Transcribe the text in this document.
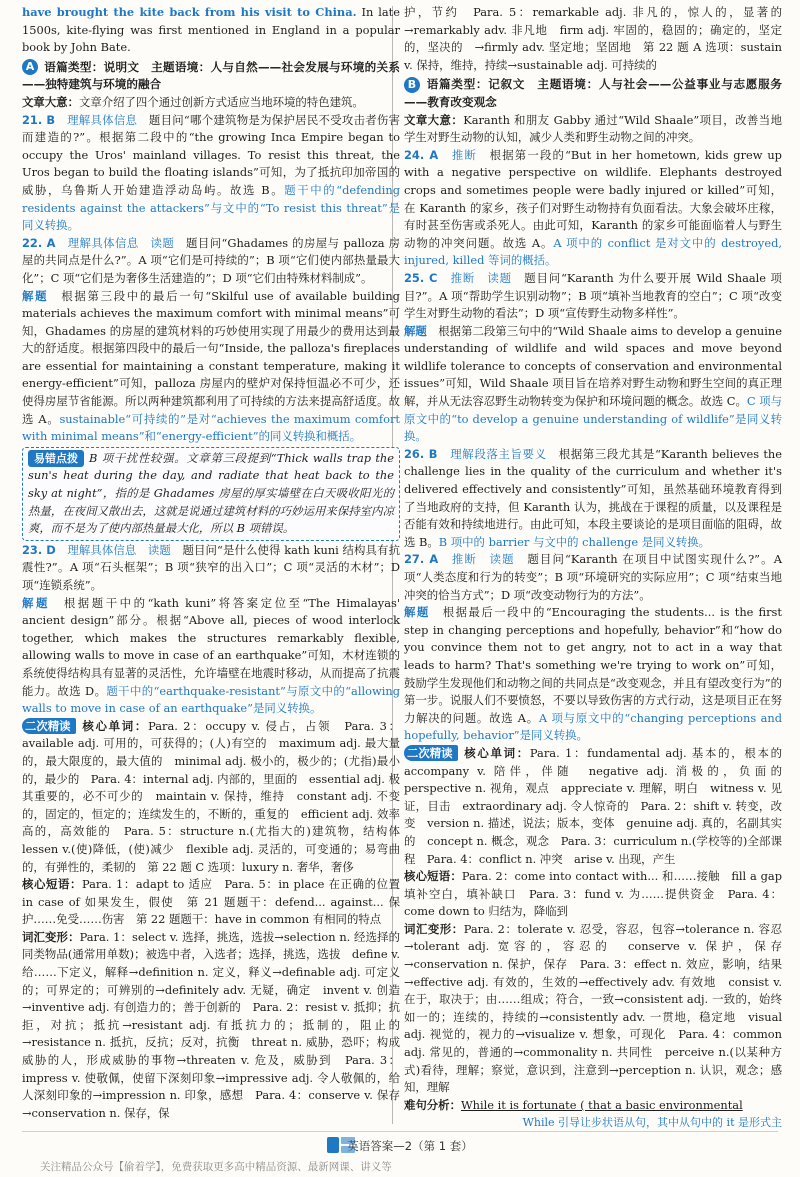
have brought the kite back from his visit to China. In late 1500s, kite-flying was first mentioned in England in a popular book by John Bate.

A 语篇类型：说明文　主题语境：人与自然——社会发展与环境的关系——独特建筑与环境的融合

文章大意：文章介绍了四个通过创新方式适应当地环境的特色建筑。

21. B　 理解具体信息　 题目问“哪个建筑物是为保护居民不受攻击者伤害而建造的?”。根据第二段中的“the growing Inca Empire began to occupy the Uros' mainland villages. To resist this threat, the Uros began to build the floating islands”可知，为了抵抗印加帝国的威胁，乌鲁斯人开始建造浮动岛屿。故选 B。题干中的“defending residents against the attackers”与文中的“To resist this threat”是同义转换。

22. A　 理解具体信息　读题　 题目问“Ghadames 的房屋与 palloza 房屋的共同点是什么?”。A 项“它们是可持续的”；B 项“它们使内部热量最大化”；C 项“它们是为奢侈生活建造的”；D 项“它们由特殊材料制成”。

解题　 根据第三段中的最后一句“Skilful use of available building materials achieves the maximum comfort with minimal means”可知，Ghadames 的房屋的建筑材料的巧妙使用实现了用最少的费用达到最大的舒适度。根据第四段中的最后一句“Inside, the palloza's fireplaces are essential for maintaining a constant temperature, making it energy-efficient”可知，palloza 房屋内的壁炉对保持恒温必不可少，还使得房屋节省能源。所以两种建筑都利用了可持续的方法来提高舒适度。故选 A。sustainable“可持续的”是对“achieves the maximum comfort with minimal means”和“energy-efficient”的同义转换和概括。

易错点拨 B 项干扰性较强。文章第三段提到“Thick walls trap the sun's heat during the day, and radiate that heat back to the sky at night”，指的是 Ghadames 房屋的厚实墙壁在白天吸收阳光的热量，在夜间又散出去，这就是说通过建筑材料的巧妙运用来保持室内凉爽，而不是为了使内部热量最大化，所以 B 项错误。

23. D　 理解具体信息　读题　 题目问“是什么使得 kath kuni 结构具有抗震性?”。A 项“石头框架”；B 项“狭窄的出入口”；C 项“灵活的木材”；D 项“连锁系统”。

解题　 根据题干中的“kath kuni”将答案定位至“The Himalayas' ancient design”部分。根据“Above all, pieces of wood interlock together, which makes the structures remarkably flexible, allowing walls to move in case of an earthquake”可知，木材连锁的系统使得结构具有显著的灵活性，允许墙壁在地震时移动，从而提高了抗震能力。故选 D。题干中的“earthquake-resistant”与原文中的“allowing walls to move in case of an earthquake”是同义转换。

二次精读 核心单词：Para. 2：occupy v. 侵占，占领　Para. 3：available adj. 可用的，可获得的；(人)有空的　maximum adj. 最大量的，最大限度的，最大值的　minimal adj. 极小的，极少的；(尤指)最小的，最少的　Para. 4：internal adj. 内部的，里面的　essential adj. 极其重要的，必不可少的　maintain v. 保持，维持　constant adj. 不变的，固定的，恒定的；连续发生的，不断的，重复的　efficient adj. 效率高的，高效能的　Para. 5：structure n.(尤指大的)建筑物，结构体　lessen v.(使)降低，(使)减少　flexible adj. 灵活的，可变通的；易弯曲的，有弹性的，柔韧的　第 22 题 C 选项：luxury n. 奢华，奢侈

核心短语：Para. 1：adapt to 适应　Para. 5：in place 在正确的位置　in case of 如果发生，假使　第 21 题题干：defend... against... 保护……免受……伤害　第 22 题题干：have in common 有相同的特点

词汇变形：Para. 1：select v. 选择，挑选，选拔→selection n. 经选择的同类物品(通常用单数)；被选中者，入选者；选择，挑选，选拔　define v. 给……下定义，解释→definition n. 定义，释义→definable adj. 可定义的；可界定的；可辨别的→definitely adv. 无疑，确定　invent v. 创造→inventive adj. 有创造力的；善于创新的　Para. 2：resist v. 抵抑；抗拒，对抗；抵抗→resistant adj. 有抵抗力的；抵制的，阻止的→resistance n. 抵抗，反抗；反对，抗衡　threat n. 威胁，恐吓；构成威胁的人，形成威胁的事物→threaten v. 危及，威胁到　Para. 3：impress v. 使敬佩，使留下深刻印象→impressive adj. 令人敬佩的，给人深刻印象的→impression n. 印象，感想　Para. 4：conserve v. 保存→conservation n. 保存，保

护，节约　Para. 5：remarkable adj. 非凡的，惊人的，显著的→remarkably adv. 非凡地　firm adj. 牢固的，稳固的；确定的，坚定的，坚决的　→firmly adv. 坚定地；坚固地　第 22 题 A 选项：sustain v. 保持，维持，持续→sustainable adj. 可持续的

B 语篇类型：记叙文　主题语境：人与社会——公益事业与志愿服务——教育改变观念

文章大意：Karanth 和朋友 Gabby 通过“Wild Shaale”项目，改善当地学生对野生动物的认知，减少人类和野生动物之间的冲突。

24. A　 推断　 根据第一段的“But in her hometown, kids grew up with a negative perspective on wildlife. Elephants destroyed crops and sometimes people were badly injured or killed”可知，在 Karanth 的家乡，孩子们对野生动物持有负面看法。大象会破坏庄稼，有时甚至伤害或杀死人。由此可知，Karanth 的家乡可能面临着人与野生动物的冲突问题。故选 A。A 项中的 conflict 是对文中的 destroyed, injured, killed 等词的概括。

25. C　 推断　读题　 题目问“Karanth 为什么要开展 Wild Shaale 项目?”。A 项“帮助学生识别动物”；B 项“填补当地教育的空白”；C 项“改变学生对野生动物的看法”；D 项“宣传野生动物多样性”。

解题　 根据第二段第三句中的“Wild Shaale aims to develop a genuine understanding of wildlife and wild spaces and move beyond wildlife tolerance to concepts of conservation and environmental issues”可知，Wild Shaale 项目旨在培养对野生动物和野生空间的真正理解，并从无法容忍野生动物转变为保护和环境问题的概念。故选 C。C 项与原文中的“to develop a genuine understanding of wildlife”是同义转换。

26. B　 理解段落主旨要义　 根据第三段尤其是“Karanth believes the challenge lies in the quality of the curriculum and whether it's delivered effectively and consistently”可知，虽然基础环境教育得到了当地政府的支持，但 Karanth 认为，挑战在于课程的质量，以及课程是否能有效和持续地进行。由此可知，本段主要谈论的是项目面临的阻碍，故选 B。B 项中的 barrier 与文中的 challenge 是同义转换。

27. A　 推断　读题　 题目问“Karanth 在项目中试图实现什么?”。A 项“人类态度和行为的转变”；B 项“环境研究的实际应用”；C 项“结束当地冲突的恰当方式”；D 项“改变动物行为的方法”。

解题　 根据最后一段中的“Encouraging the students... is the first step in changing perceptions and hopefully, behavior”和“how do you convince them not to get angry, not to act in a way that leads to harm? That's something we're trying to work on”可知，鼓励学生发现他们和动物之间的共同点是“改变观念，并且有望改变行为”的第一步。说服人们不要愤怒，不要以导致伤害的方式行动，这是项目正在努力解决的问题。故选 A。A 项与原文中的“changing perceptions and hopefully, behavior”是同义转换。

二次精读 核心单词：Para. 1：fundamental adj. 基本的，根本的　accompany v. 陪伴，伴随　negative adj. 消极的，负面的　perspective n. 视角，观点　appreciate v. 理解，明白　witness v. 见证，目击　extraordinary adj. 令人惊奇的　Para. 2：shift v. 转变，改变　version n. 描述，说法；版本，变体　genuine adj. 真的，名副其实的　concept n. 概念，观念　Para. 3：curriculum n.(学校等的)全部课程　Para. 4：conflict n. 冲突　arise v. 出现，产生

核心短语：Para. 2：come into contact with... 和……接触　fill a gap 填补空白，填补缺口　Para. 3：fund v. 为……提供资金　Para. 4：come down to 归结为，降临到

词汇变形：Para. 2：tolerate v. 忍受，容忍，包容→tolerance n. 容忍→tolerant adj. 宽容的，容忍的　conserve v. 保护，保存→conservation n. 保护，保存　Para. 3：effect n. 效应，影响，结果→effective adj. 有效的，生效的→effectively adv. 有效地　consist v. 在于，取决于；由……组成；符合，一致→consistent adj. 一致的，始终如一的；连续的，持续的→consistently adv. 一贯地，稳定地　visual adj. 视觉的，视力的→visualize v. 想象，可现化　Para. 4：common adj. 常见的，普通的→commonality n. 共同性　perceive n.(以某种方式)看待，理解；察觉，意识到，注意到→perception n. 认识，观念；感知，理解

难句分析：While it is fortunate ( that a basic environmental

While 引导让步状语从句，其中从句中的 it 是形式主

英语答案—2（第 1 套）
关注精品公众号【偷着学】，免费获取更多高中精品资源、最新网课、讲义等
